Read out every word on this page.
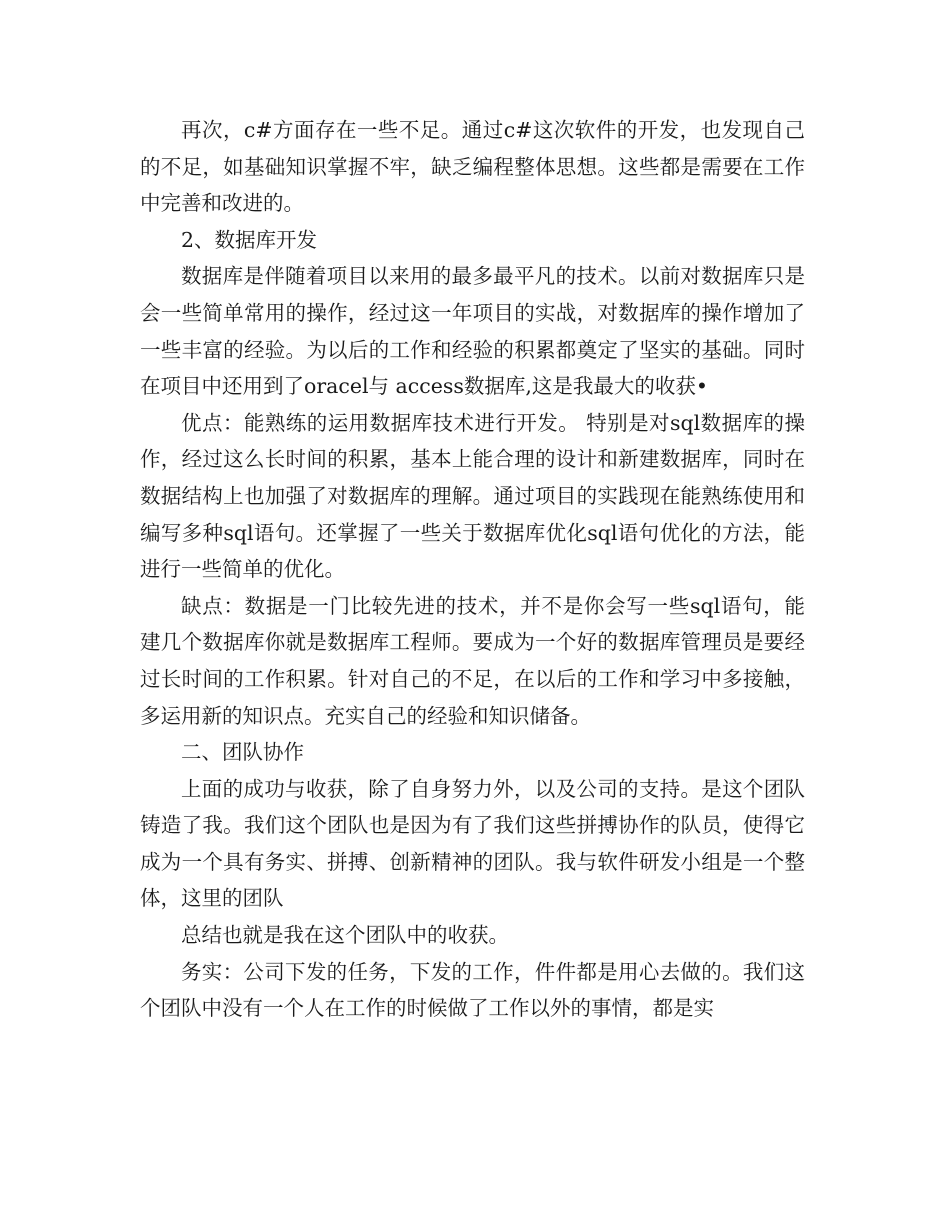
再次，c#方面存在一些不足。通过c#这次软件的开发，也发现自己的不足，如基础知识掌握不牢，缺乏编程整体思想。这些都是需要在工作中完善和改进的。

2、数据库开发

数据库是伴随着项目以来用的最多最平凡的技术。以前对数据库只是会一些简单常用的操作，经过这一年项目的实战，对数据库的操作增加了一些丰富的经验。为以后的工作和经验的积累都奠定了坚实的基础。同时在项目中还用到了oracel与 access数据库,这是我最大的收获•

优点：能熟练的运用数据库技术进行开发。 特别是对sql数据库的操作，经过这么长时间的积累，基本上能合理的设计和新建数据库，同时在数据结构上也加强了对数据库的理解。通过项目的实践现在能熟练使用和编写多种sql语句。还掌握了一些关于数据库优化sql语句优化的方法，能进行一些简单的优化。

缺点：数据是一门比较先进的技术，并不是你会写一些sql语句，能建几个数据库你就是数据库工程师。要成为一个好的数据库管理员是要经过长时间的工作积累。针对自己的不足，在以后的工作和学习中多接触，多运用新的知识点。充实自己的经验和知识储备。

二、团队协作

上面的成功与收获，除了自身努力外，以及公司的支持。是这个团队铸造了我。我们这个团队也是因为有了我们这些拼搏协作的队员，使得它成为一个具有务实、拼搏、创新精神的团队。我与软件研发小组是一个整体，这里的团队

总结也就是我在这个团队中的收获。

务实：公司下发的任务，下发的工作，件件都是用心去做的。我们这个团队中没有一个人在工作的时候做了工作以外的事情，都是实
